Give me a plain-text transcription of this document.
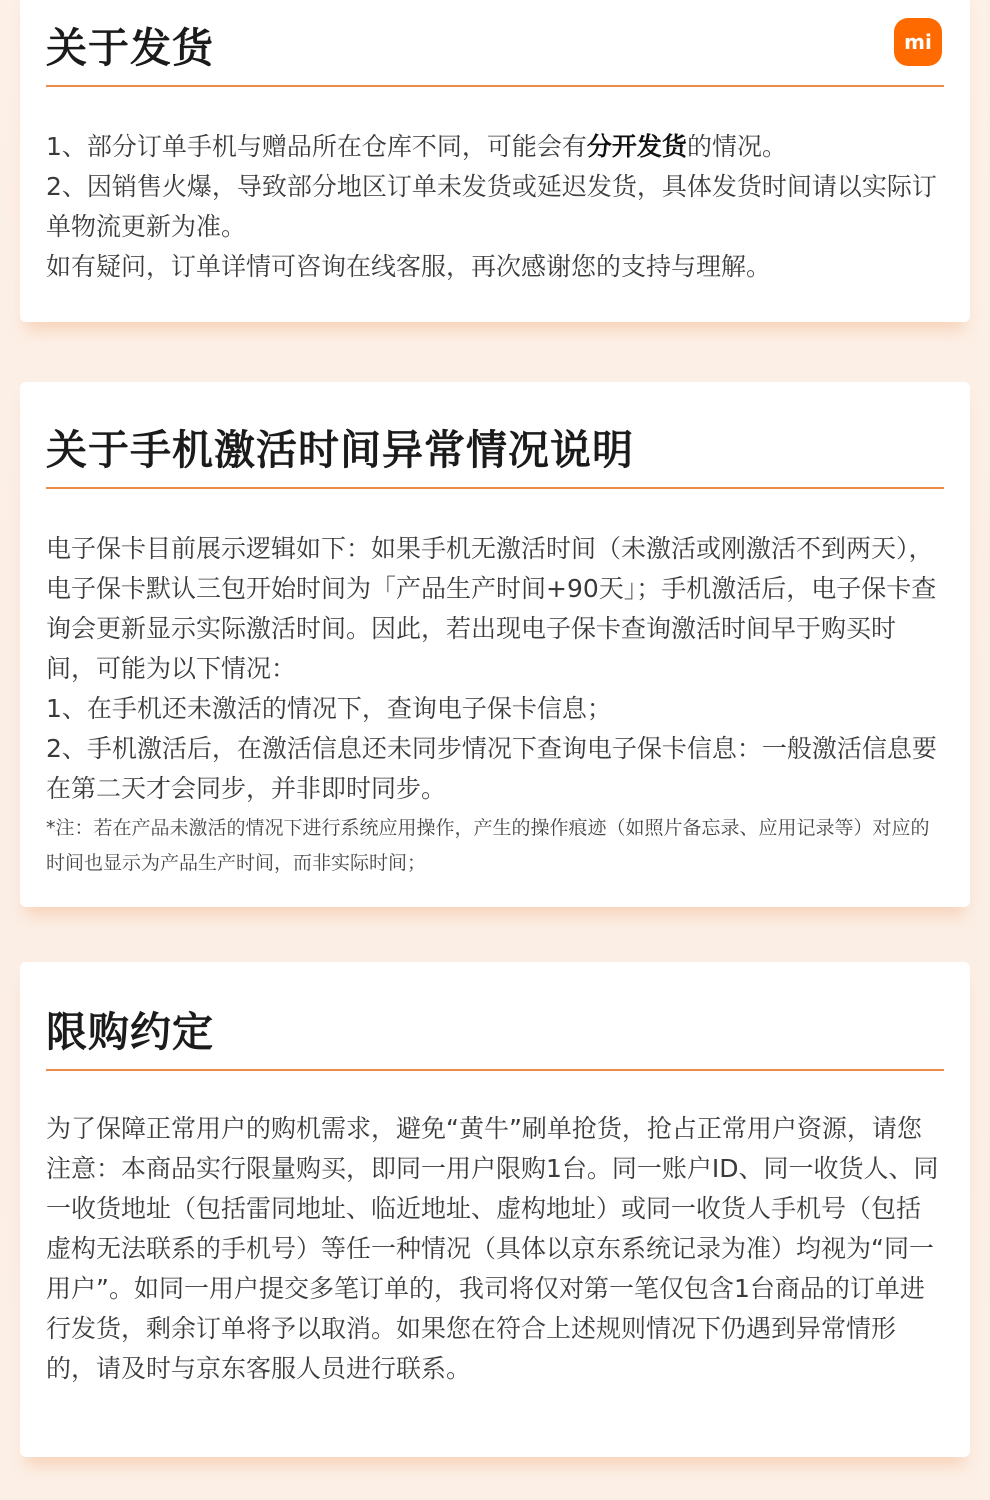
关于发货	mi

1、部分订单手机与赠品所在仓库不同，可能会有分开发货的情况。

2、因销售火爆，导致部分地区订单未发货或延迟发货，具体发货时间请以实际订单物流更新为准。

如有疑问，订单详情可咨询在线客服，再次感谢您的支持与理解。

关于手机激活时间异常情况说明

电子保卡目前展示逻辑如下：如果手机无激活时间（未激活或刚激活不到两天），电子保卡默认三包开始时间为「产品生产时间+90天」；手机激活后，电子保卡查询会更新显示实际激活时间。因此，若出现电子保卡查询激活时间早于购买时间，可能为以下情况：

1、在手机还未激活的情况下，查询电子保卡信息；

2、手机激活后，在激活信息还未同步情况下查询电子保卡信息：一般激活信息要在第二天才会同步，并非即时同步。

*注：若在产品未激活的情况下进行系统应用操作，产生的操作痕迹（如照片备忘录、应用记录等）对应的时间也显示为产品生产时间，而非实际时间；

限购约定

为了保障正常用户的购机需求，避免“黄牛”刷单抢货，抢占正常用户资源，请您注意：本商品实行限量购买，即同一用户限购1台。同一账户ID、同一收货人、同一收货地址（包括雷同地址、临近地址、虚构地址）或同一收货人手机号（包括虚构无法联系的手机号）等任一种情况（具体以京东系统记录为准）均视为“同一用户”。如同一用户提交多笔订单的，我司将仅对第一笔仅包含1台商品的订单进行发货，剩余订单将予以取消。如果您在符合上述规则情况下仍遇到异常情形的，请及时与京东客服人员进行联系。
